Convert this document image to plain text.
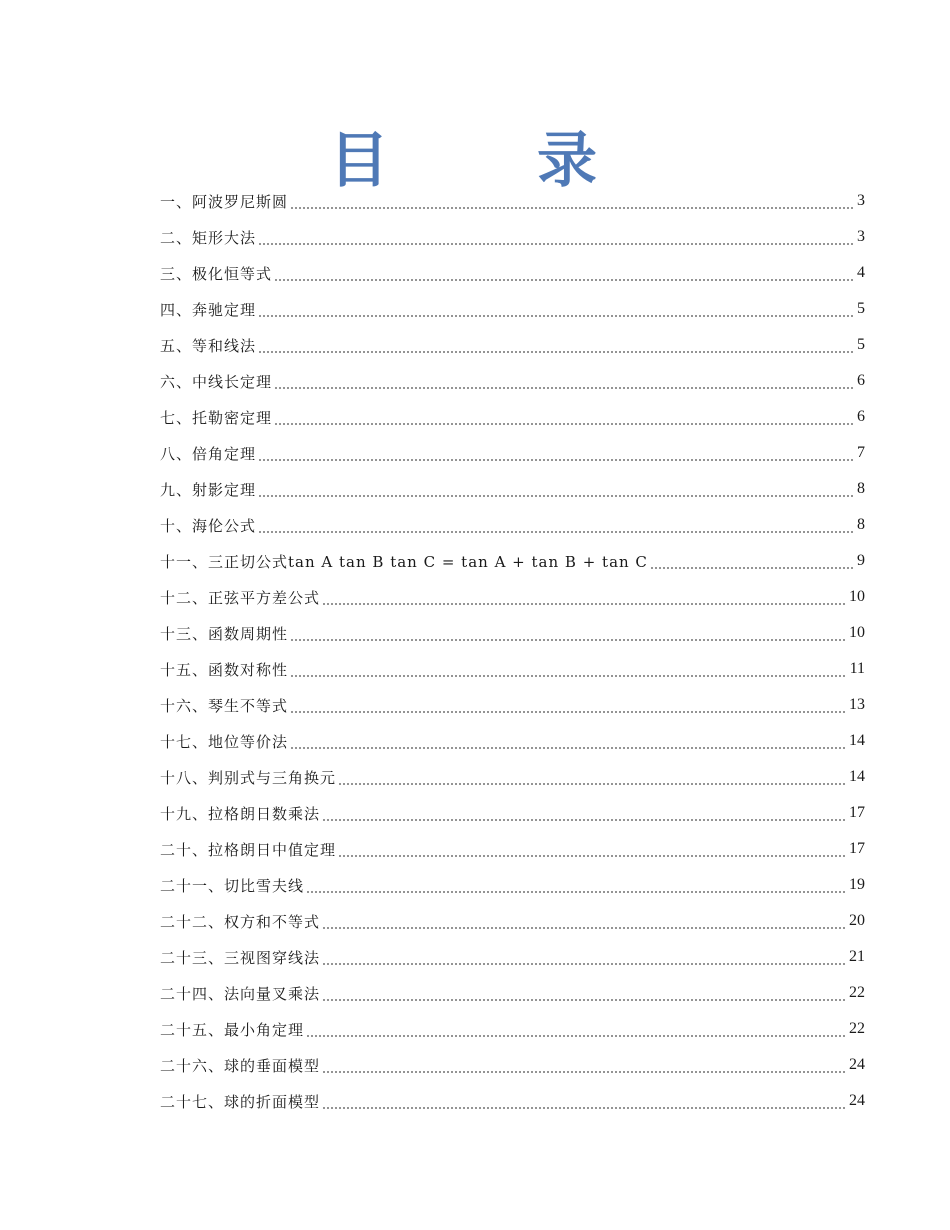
目　录
一、阿波罗尼斯圆	3
二、矩形大法	3
三、极化恒等式	4
四、奔驰定理	5
五、等和线法	5
六、中线长定理	6
七、托勒密定理	6
八、倍角定理	7
九、射影定理	8
十、海伦公式	8
十一、三正切公式tan A tan B tan C = tan A + tan B + tan C	9
十二、正弦平方差公式	10
十三、函数周期性	10
十五、函数对称性	11
十六、琴生不等式	13
十七、地位等价法	14
十八、判别式与三角换元	14
十九、拉格朗日数乘法	17
二十、拉格朗日中值定理	17
二十一、切比雪夫线	19
二十二、权方和不等式	20
二十三、三视图穿线法	21
二十四、法向量叉乘法	22
二十五、最小角定理	22
二十六、球的垂面模型	24
二十七、球的折面模型	24
